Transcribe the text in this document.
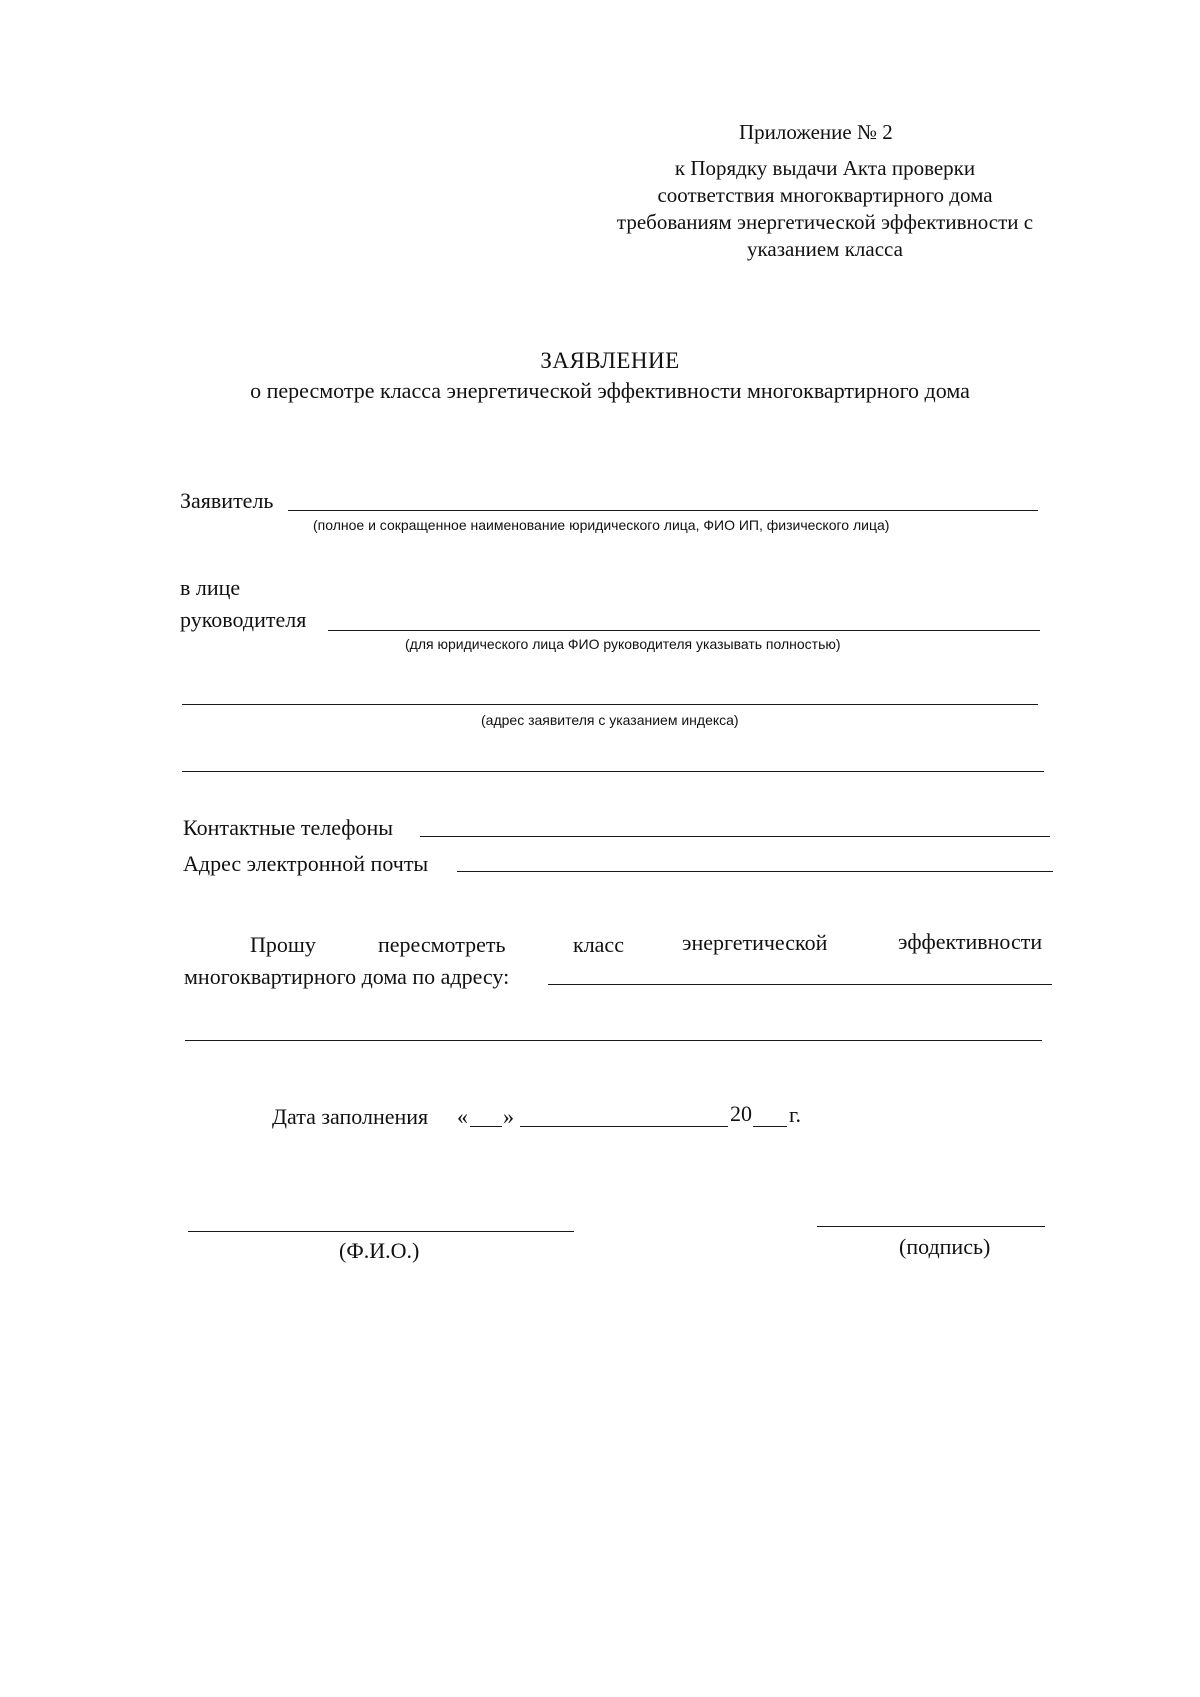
Приложение № 2
к Порядку выдачи Акта проверки
соответствия многоквартирного дома
требованиям энергетической эффективности с
указанием класса
ЗАЯВЛЕНИЕ
о пересмотре класса энергетической эффективности многоквартирного дома
Заявитель
(полное и сокращенное наименование юридического лица, ФИО ИП, физического лица)
в лице
руководителя
(для юридического лица ФИО руководителя указывать полностью)
(адрес заявителя с указанием индекса)
Контактные телефоны
Адрес электронной почты
Прошу	пересмотреть	класс	энергетической	эффективности
многоквартирного дома по адресу:
Дата заполнения « »	20 г.
(Ф.И.О.)	(подпись)
